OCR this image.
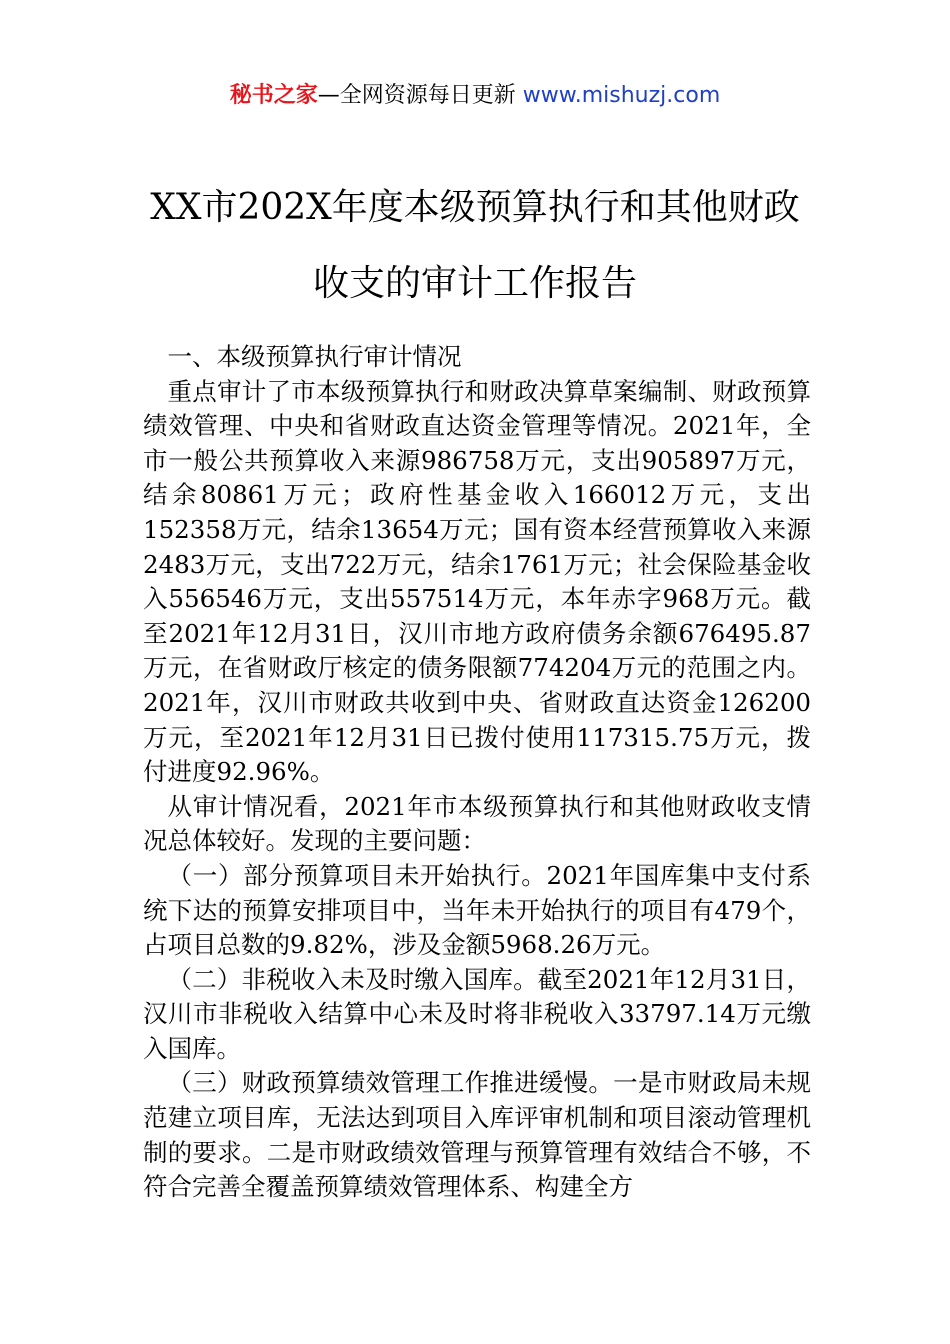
秘书之家—全网资源每日更新 www.mishuzj.com
XX市202X年度本级预算执行和其他财政
收支的审计工作报告

一、本级预算执行审计情况

重点审计了市本级预算执行和财政决算草案编制、财政预算绩效管理、中央和省财政直达资金管理等情况。2021年，全市一般公共预算收入来源986758万元，支出905897万元，结余80861万元；政府性基金收入166012万元，支出152358万元，结余13654万元；国有资本经营预算收入来源2483万元，支出722万元，结余1761万元；社会保险基金收入556546万元，支出557514万元，本年赤字968万元。截至2021年12月31日，汉川市地方政府债务余额676495.87万元，在省财政厅核定的债务限额774204万元的范围之内。2021年，汉川市财政共收到中央、省财政直达资金126200万元，至2021年12月31日已拨付使用117315.75万元，拨付进度92.96%。

从审计情况看，2021年市本级预算执行和其他财政收支情况总体较好。发现的主要问题：

（一）部分预算项目未开始执行。2021年国库集中支付系统下达的预算安排项目中，当年未开始执行的项目有479个，占项目总数的9.82%，涉及金额5968.26万元。

（二）非税收入未及时缴入国库。截至2021年12月31日，汉川市非税收入结算中心未及时将非税收入33797.14万元缴入国库。

（三）财政预算绩效管理工作推进缓慢。一是市财政局未规范建立项目库，无法达到项目入库评审机制和项目滚动管理机制的要求。二是市财政绩效管理与预算管理有效结合不够，不符合完善全覆盖预算绩效管理体系、构建全方
